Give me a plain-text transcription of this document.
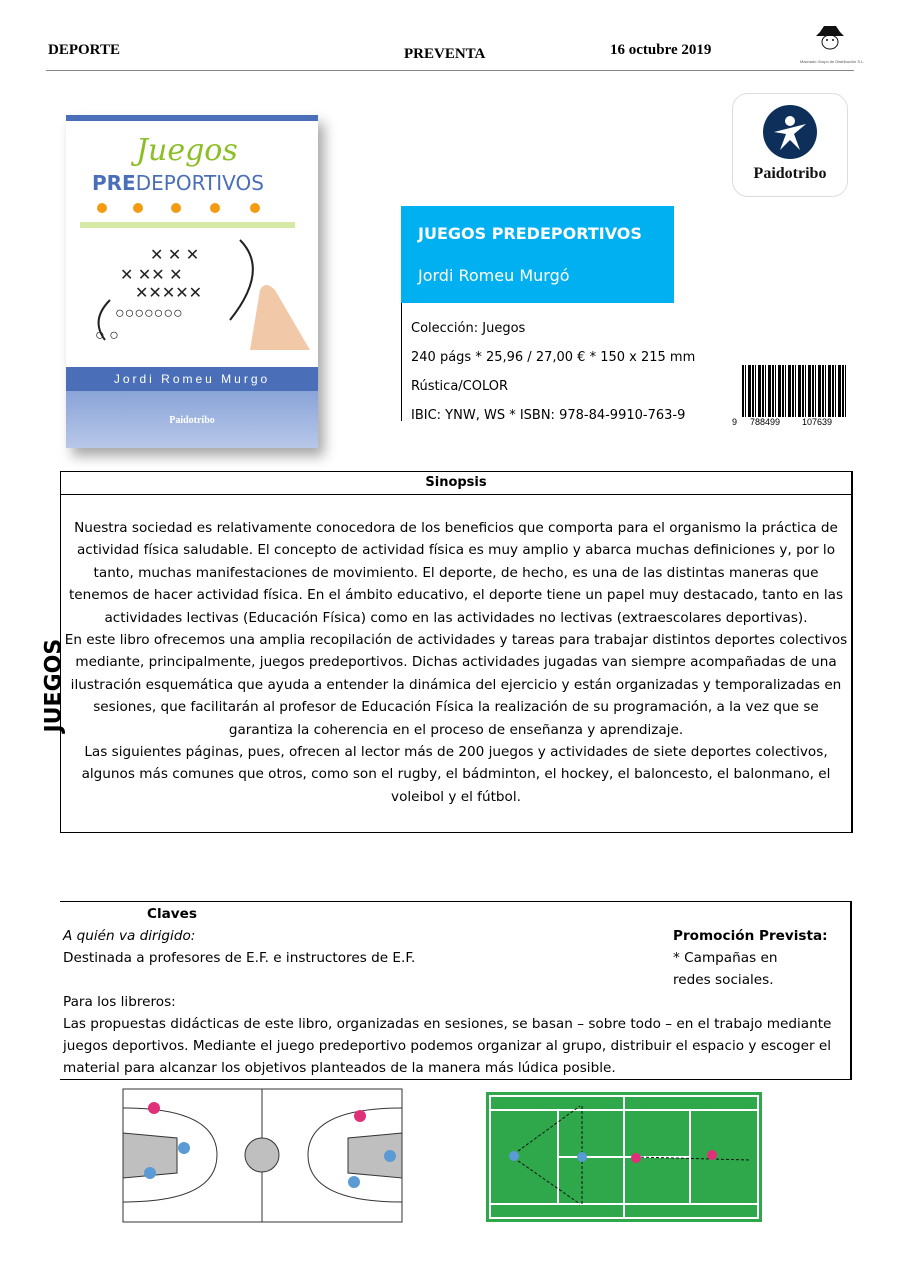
DEPORTE	PREVENTA	16 octubre 2019
Machado Grupo de Distribución S.L.
Juegos
PREDEPORTIVOS
✕ ✕ ✕
✕ ✕✕ ✕
✕✕✕✕✕
○○○○○○○
○ ○
Jordi Romeu Murgo
Paidotribo
Paidotribo
JUEGOS PREDEPORTIVOS
Jordi Romeu Murgó
Colección: Juegos
240 págs * 25,96 / 27,00 € * 150 x 215 mm
Rústica/COLOR
IBIC: YNW, WS * ISBN: 978-84-9910-763-9	9 788499 107639
JUEGOS
Sinopsis

Nuestra sociedad es relativamente conocedora de los beneficios que comporta para el organismo la práctica de actividad física saludable. El concepto de actividad física es muy amplio y abarca muchas definiciones y, por lo tanto, muchas manifestaciones de movimiento. El deporte, de hecho, es una de las distintas maneras que tenemos de hacer actividad física. En el ámbito educativo, el deporte tiene un papel muy destacado, tanto en las actividades lectivas (Educación Física) como en las actividades no lectivas (extraescolares deportivas).

En este libro ofrecemos una amplia recopilación de actividades y tareas para trabajar distintos deportes colectivos mediante, principalmente, juegos predeportivos. Dichas actividades jugadas van siempre acompañadas de una ilustración esquemática que ayuda a entender la dinámica del ejercicio y están organizadas y temporalizadas en sesiones, que facilitarán al profesor de Educación Física la realización de su programación, a la vez que se garantiza la coherencia en el proceso de enseñanza y aprendizaje.

Las siguientes páginas, pues, ofrecen al lector más de 200 juegos y actividades de siete deportes colectivos, algunos más comunes que otros, como son el rugby, el bádminton, el hockey, el baloncesto, el balonmano, el voleibol y el fútbol.

Claves
A quién va dirigido:
Destinada a profesores de E.F. e instructores de E.F.
Promoción Prevista:
* Campañas en
redes sociales.
Para los libreros:
Las propuestas didácticas de este libro, organizadas en sesiones, se basan – sobre todo – en el trabajo mediante juegos deportivos. Mediante el juego predeportivo podemos organizar al grupo, distribuir el espacio y escoger el material para alcanzar los objetivos planteados de la manera más lúdica posible.
